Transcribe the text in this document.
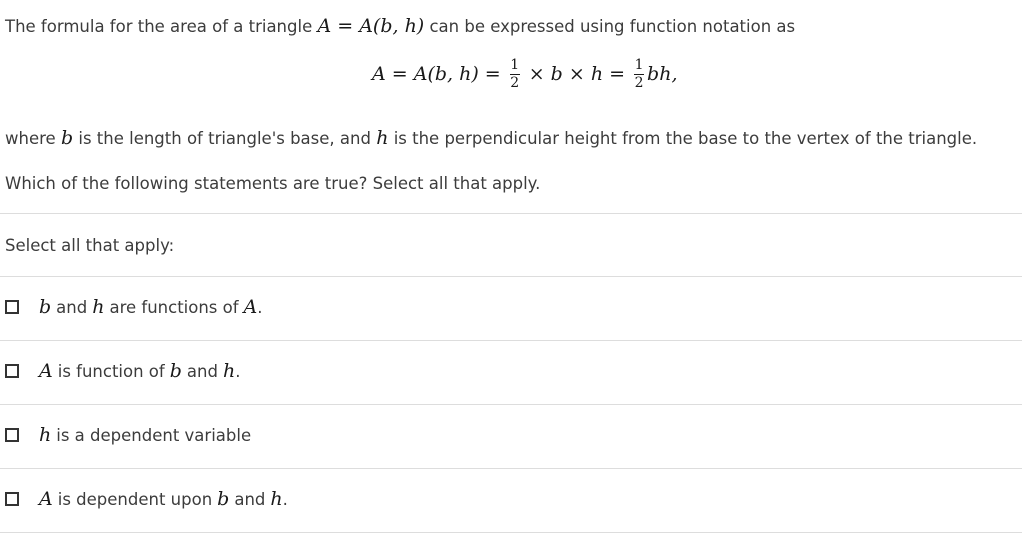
The formula for the area of a triangle A = A(b, h) can be expressed using function notation as
A = A(b, $h) = \frac{1}{2} \times b \times h = \frac{1}{2}$ bh,
where b is the length of triangle's base, and h is the perpendicular height from the base to the vertex of the triangle.
Which of the following statements are true? Select all that apply.
Select all that apply:
b and h are functions of A .
A is function of b and h .
h is a dependent variable
A is dependent upon b and h .
